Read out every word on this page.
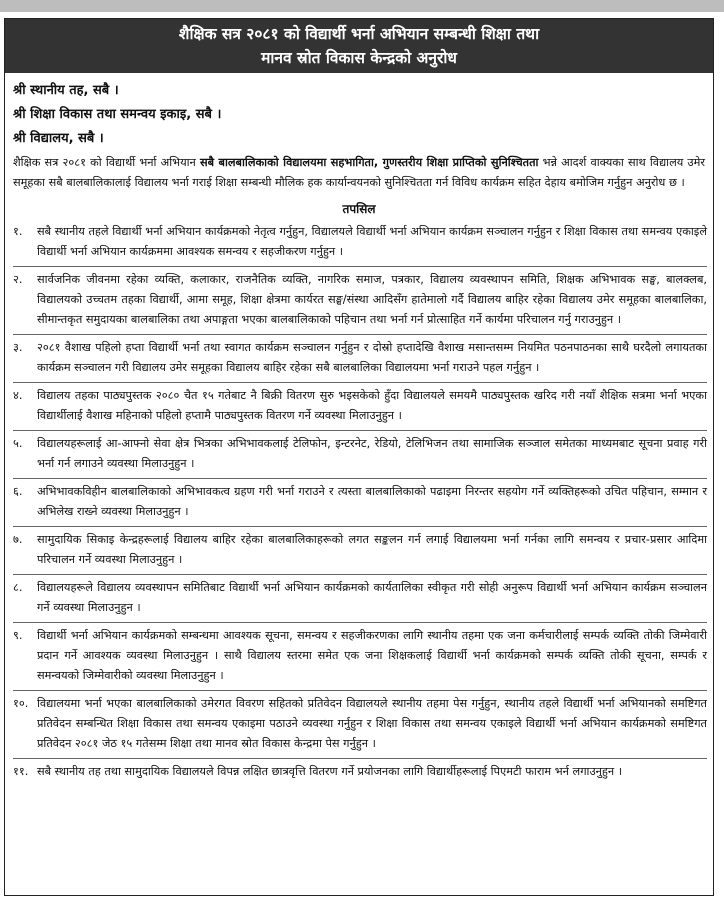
शैक्षिक सत्र २०८१ को विद्यार्थी भर्ना अभियान सम्बन्धी शिक्षा तथा
मानव स्रोत विकास केन्द्रको अनुरोध
श्री स्थानीय तह, सबै ।
श्री शिक्षा विकास तथा समन्वय इकाइ, सबै ।
श्री विद्यालय, सबै ।
शैक्षिक सत्र २०८१ को विद्यार्थी भर्ना अभियान सबै बालबालिकाको विद्यालयमा सहभागिता, गुणस्तरीय शिक्षा प्राप्तिको सुनिश्चितता भन्ने आदर्श वाक्यका साथ विद्यालय उमेर समूहका सबै बालबालिकालाई विद्यालय भर्ना गराई शिक्षा सम्बन्धी मौलिक हक कार्यान्वयनको सुनिश्चितता गर्न विविध कार्यक्रम सहित देहाय बमोजिम गर्नुहुन अनुरोध छ ।
तपसिल
१.	सबै स्थानीय तहले विद्यार्थी भर्ना अभियान कार्यक्रमको नेतृत्व गर्नुहुन, विद्यालयले विद्यार्थी भर्ना अभियान कार्यक्रम सञ्चालन गर्नुहुन र शिक्षा विकास तथा समन्वय एकाइले विद्यार्थी भर्ना अभियान कार्यक्रममा आवश्यक समन्वय र सहजीकरण गर्नुहुन ।
२.	सार्वजनिक जीवनमा रहेका व्यक्ति, कलाकार, राजनैतिक व्यक्ति, नागरिक समाज, पत्रकार, विद्यालय व्यवस्थापन समिति, शिक्षक अभिभावक सङ्घ, बालक्लब, विद्यालयको उच्चतम तहका विद्यार्थी, आमा समूह, शिक्षा क्षेत्रमा कार्यरत सङ्घ/संस्था आदिसँग हातेमालो गर्दै विद्यालय बाहिर रहेका विद्यालय उमेर समूहका बालबालिका, सीमान्तकृत समुदायका बालबालिका तथा अपाङ्गता भएका बालबालिकाको पहिचान तथा भर्ना गर्न प्रोत्साहित गर्ने कार्यमा परिचालन गर्नु गराउनुहुन ।
३.	२०८१ वैशाख पहिलो हप्ता विद्यार्थी भर्ना तथा स्वागत कार्यक्रम सञ्चालन गर्नुहुन र दोस्रो हप्तादेखि वैशाख मसान्तसम्म नियमित पठनपाठनका साथै घरदैलो लगायतका कार्यक्रम सञ्चालन गरी विद्यालय उमेर समूहका विद्यालय बाहिर रहेका सबै बालबालिका विद्यालयमा भर्ना गराउने पहल गर्नुहुन ।
४.	विद्यालय तहका पाठ्यपुस्तक २०८० चैत १५ गतेबाट नै बिक्री वितरण सुरु भइसकेको हुँदा विद्यालयले समयमै पाठ्यपुस्तक खरिद गरी नयाँ शैक्षिक सत्रमा भर्ना भएका विद्यार्थीलाई वैशाख महिनाको पहिलो हप्तामै पाठ्यपुस्तक वितरण गर्ने व्यवस्था मिलाउनुहुन ।
५.	विद्यालयहरूलाई आ-आफ्नो सेवा क्षेत्र भित्रका अभिभावकलाई टेलिफोन, इन्टरनेट, रेडियो, टेलिभिजन तथा सामाजिक सञ्जाल समेतका माध्यमबाट सूचना प्रवाह गरी भर्ना गर्न लगाउने व्यवस्था मिलाउनुहुन ।
६.	अभिभावकविहीन बालबालिकाको अभिभावकत्व ग्रहण गरी भर्ना गराउने र त्यस्ता बालबालिकाको पढाइमा निरन्तर सहयोग गर्ने व्यक्तिहरूको उचित पहिचान, सम्मान र अभिलेख राख्ने व्यवस्था मिलाउनुहुन ।
७.	सामुदायिक सिकाइ केन्द्रहरूलाई विद्यालय बाहिर रहेका बालबालिकाहरूको लगत सङ्कलन गर्न लगाई विद्यालयमा भर्ना गर्नका लागि समन्वय र प्रचार-प्रसार आदिमा परिचालन गर्ने व्यवस्था मिलाउनुहुन ।
८.	विद्यालयहरूले विद्यालय व्यवस्थापन समितिबाट विद्यार्थी भर्ना अभियान कार्यक्रमको कार्यतालिका स्वीकृत गरी सोही अनुरूप विद्यार्थी भर्ना अभियान कार्यक्रम सञ्चालन गर्ने व्यवस्था मिलाउनुहुन ।
९.	विद्यार्थी भर्ना अभियान कार्यक्रमको सम्बन्धमा आवश्यक सूचना, समन्वय र सहजीकरणका लागि स्थानीय तहमा एक जना कर्मचारीलाई सम्पर्क व्यक्ति तोकी जिम्मेवारी प्रदान गर्ने आवश्यक व्यवस्था मिलाउनुहुन । साथै विद्यालय स्तरमा समेत एक जना शिक्षकलाई विद्यार्थी भर्ना कार्यक्रमको सम्पर्क व्यक्ति तोकी सूचना, सम्पर्क र समन्वयको जिम्मेवारीको व्यवस्था मिलाउनुहुन ।
१०. विद्यालयमा भर्ना भएका बालबालिकाको उमेरगत विवरण सहितको प्रतिवेदन विद्यालयले स्थानीय तहमा पेस गर्नुहुन, स्थानीय तहले विद्यार्थी भर्ना अभियानको समष्टिगत प्रतिवेदन सम्बन्धित शिक्षा विकास तथा समन्वय एकाइमा पठाउने व्यवस्था गर्नुहुन र शिक्षा विकास तथा समन्वय एकाइले विद्यार्थी भर्ना अभियान कार्यक्रमको समष्टिगत प्रतिवेदन २०८१ जेठ १५ गतेसम्म शिक्षा तथा मानव स्रोत विकास केन्द्रमा पेस गर्नुहुन ।
११. सबै स्थानीय तह तथा सामुदायिक विद्यालयले विपन्न लक्षित छात्रवृत्ति वितरण गर्ने प्रयोजनका लागि विद्यार्थीहरूलाई पिएमटी फाराम भर्न लगाउनुहुन ।
